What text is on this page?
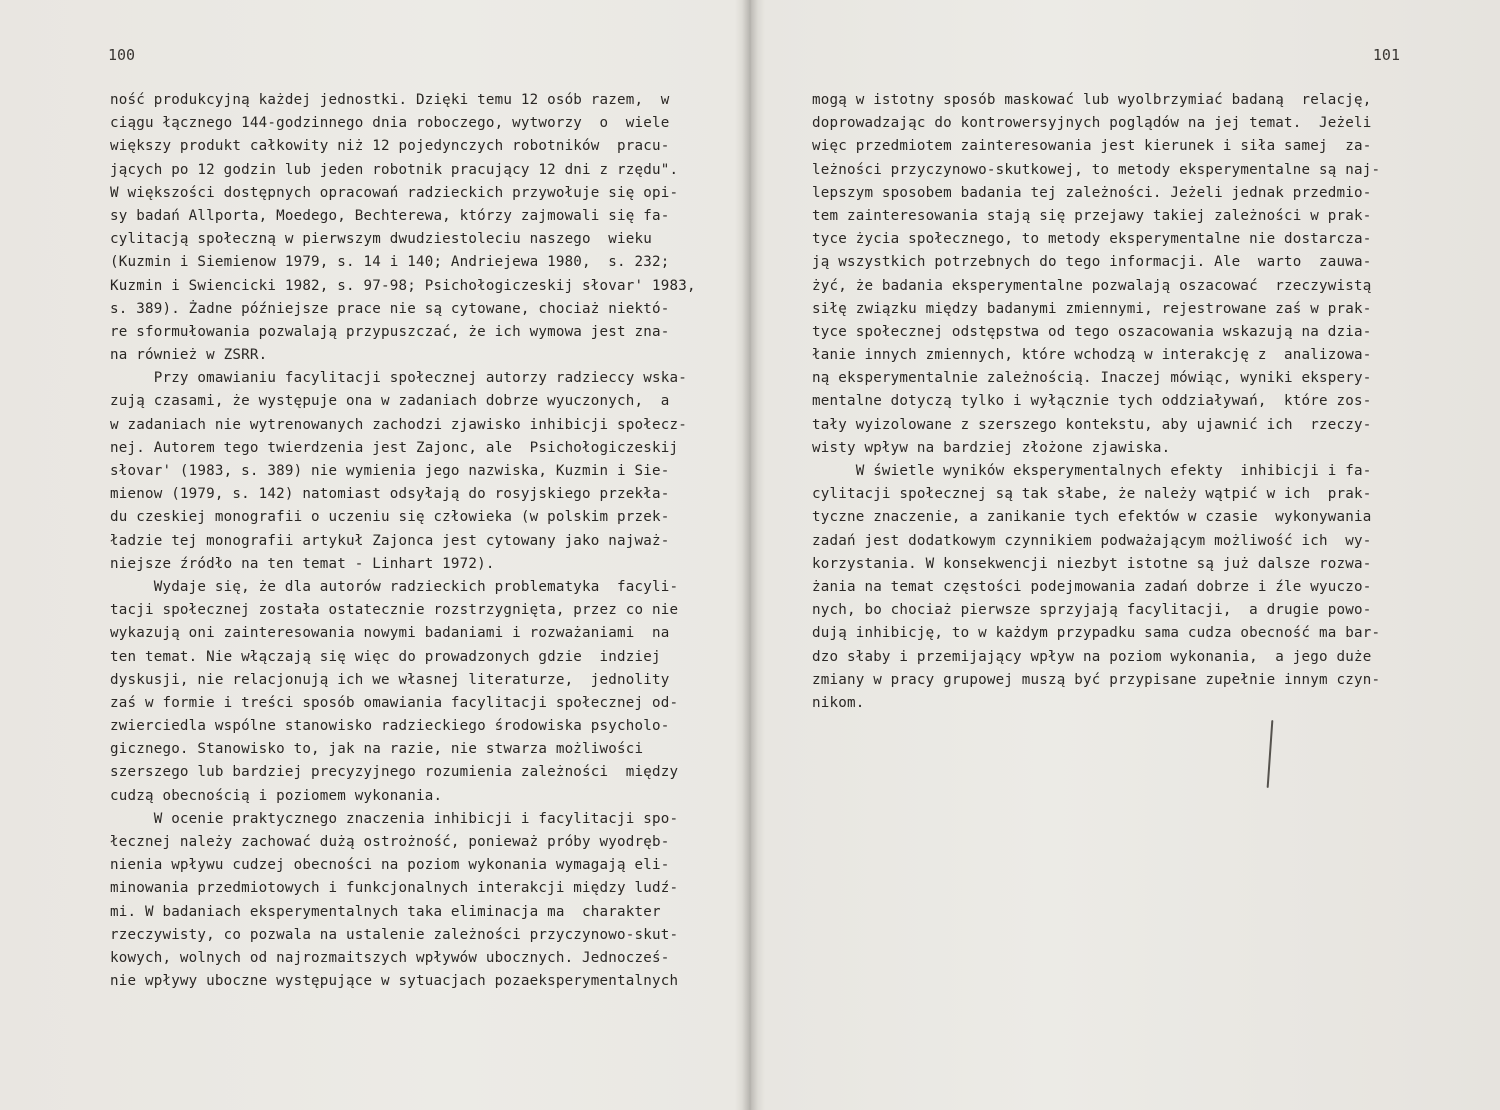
100
ność produkcyjną każdej jednostki. Dzięki temu 12 osób razem,  w
ciągu łącznego 144-godzinnego dnia roboczego, wytworzy  o  wiele
większy produkt całkowity niż 12 pojedynczych robotników  pracu-
jących po 12 godzin lub jeden robotnik pracujący 12 dni z rzędu".
W większości dostępnych opracowań radzieckich przywołuje się opi-
sy badań Allporta, Moedego, Bechterewa, którzy zajmowali się fa-
cylitacją społeczną w pierwszym dwudziestoleciu naszego  wieku
(Kuzmin i Siemienow 1979, s. 14 i 140; Andriejewa 1980,  s. 232;
Kuzmin i Swiencicki 1982, s. 97-98; Psichołogiczeskij słovar' 1983,
s. 389). Żadne późniejsze prace nie są cytowane, chociaż niektó-
re sformułowania pozwalają przypuszczać, że ich wymowa jest zna-
na również w ZSRR.
Przy omawianiu facylitacji społecznej autorzy radzieccy wska-
zują czasami, że występuje ona w zadaniach dobrze wyuczonych,  a
w zadaniach nie wytrenowanych zachodzi zjawisko inhibicji społecz-
nej. Autorem tego twierdzenia jest Zajonc, ale  Psichołogiczeskij
słovar' (1983, s. 389) nie wymienia jego nazwiska, Kuzmin i Sie-
mienow (1979, s. 142) natomiast odsyłają do rosyjskiego przekła-
du czeskiej monografii o uczeniu się człowieka (w polskim przek-
ładzie tej monografii artykuł Zajonca jest cytowany jako najważ-
niejsze źródło na ten temat - Linhart 1972).
Wydaje się, że dla autorów radzieckich problematyka  facyli-
tacji społecznej została ostatecznie rozstrzygnięta, przez co nie
wykazują oni zainteresowania nowymi badaniami i rozważaniami  na
ten temat. Nie włączają się więc do prowadzonych gdzie  indziej
dyskusji, nie relacjonują ich we własnej literaturze,  jednolity
zaś w formie i treści sposób omawiania facylitacji społecznej od-
zwierciedla wspólne stanowisko radzieckiego środowiska psycholo-
gicznego. Stanowisko to, jak na razie, nie stwarza możliwości
szerszego lub bardziej precyzyjnego rozumienia zależności  między
cudzą obecnością i poziomem wykonania.
W ocenie praktycznego znaczenia inhibicji i facylitacji spo-
łecznej należy zachować dużą ostrożność, ponieważ próby wyodręb-
nienia wpływu cudzej obecności na poziom wykonania wymagają eli-
minowania przedmiotowych i funkcjonalnych interakcji między ludź-
mi. W badaniach eksperymentalnych taka eliminacja ma  charakter
rzeczywisty, co pozwala na ustalenie zależności przyczynowo-skut-
kowych, wolnych od najrozmaitszych wpływów ubocznych. Jednocześ-
nie wpływy uboczne występujące w sytuacjach pozaeksperymentalnych
101
mogą w istotny sposób maskować lub wyolbrzymiać badaną  relację,
doprowadzając do kontrowersyjnych poglądów na jej temat.  Jeżeli
więc przedmiotem zainteresowania jest kierunek i siła samej  za-
leżności przyczynowo-skutkowej, to metody eksperymentalne są naj-
lepszym sposobem badania tej zależności. Jeżeli jednak przedmio-
tem zainteresowania stają się przejawy takiej zależności w prak-
tyce życia społecznego, to metody eksperymentalne nie dostarcza-
ją wszystkich potrzebnych do tego informacji. Ale  warto  zauwa-
żyć, że badania eksperymentalne pozwalają oszacować  rzeczywistą
siłę związku między badanymi zmiennymi, rejestrowane zaś w prak-
tyce społecznej odstępstwa od tego oszacowania wskazują na dzia-
łanie innych zmiennych, które wchodzą w interakcję z  analizowa-
ną eksperymentalnie zależnością. Inaczej mówiąc, wyniki ekspery-
mentalne dotyczą tylko i wyłącznie tych oddziaływań,  które zos-
tały wyizolowane z szerszego kontekstu, aby ujawnić ich  rzeczy-
wisty wpływ na bardziej złożone zjawiska.
W świetle wyników eksperymentalnych efekty  inhibicji i fa-
cylitacji społecznej są tak słabe, że należy wątpić w ich  prak-
tyczne znaczenie, a zanikanie tych efektów w czasie  wykonywania
zadań jest dodatkowym czynnikiem podważającym możliwość ich  wy-
korzystania. W konsekwencji niezbyt istotne są już dalsze rozwa-
żania na temat częstości podejmowania zadań dobrze i źle wyuczo-
nych, bo chociaż pierwsze sprzyjają facylitacji,  a drugie powo-
dują inhibicję, to w każdym przypadku sama cudza obecność ma bar-
dzo słaby i przemijający wpływ na poziom wykonania,  a jego duże
zmiany w pracy grupowej muszą być przypisane zupełnie innym czyn-
nikom.
